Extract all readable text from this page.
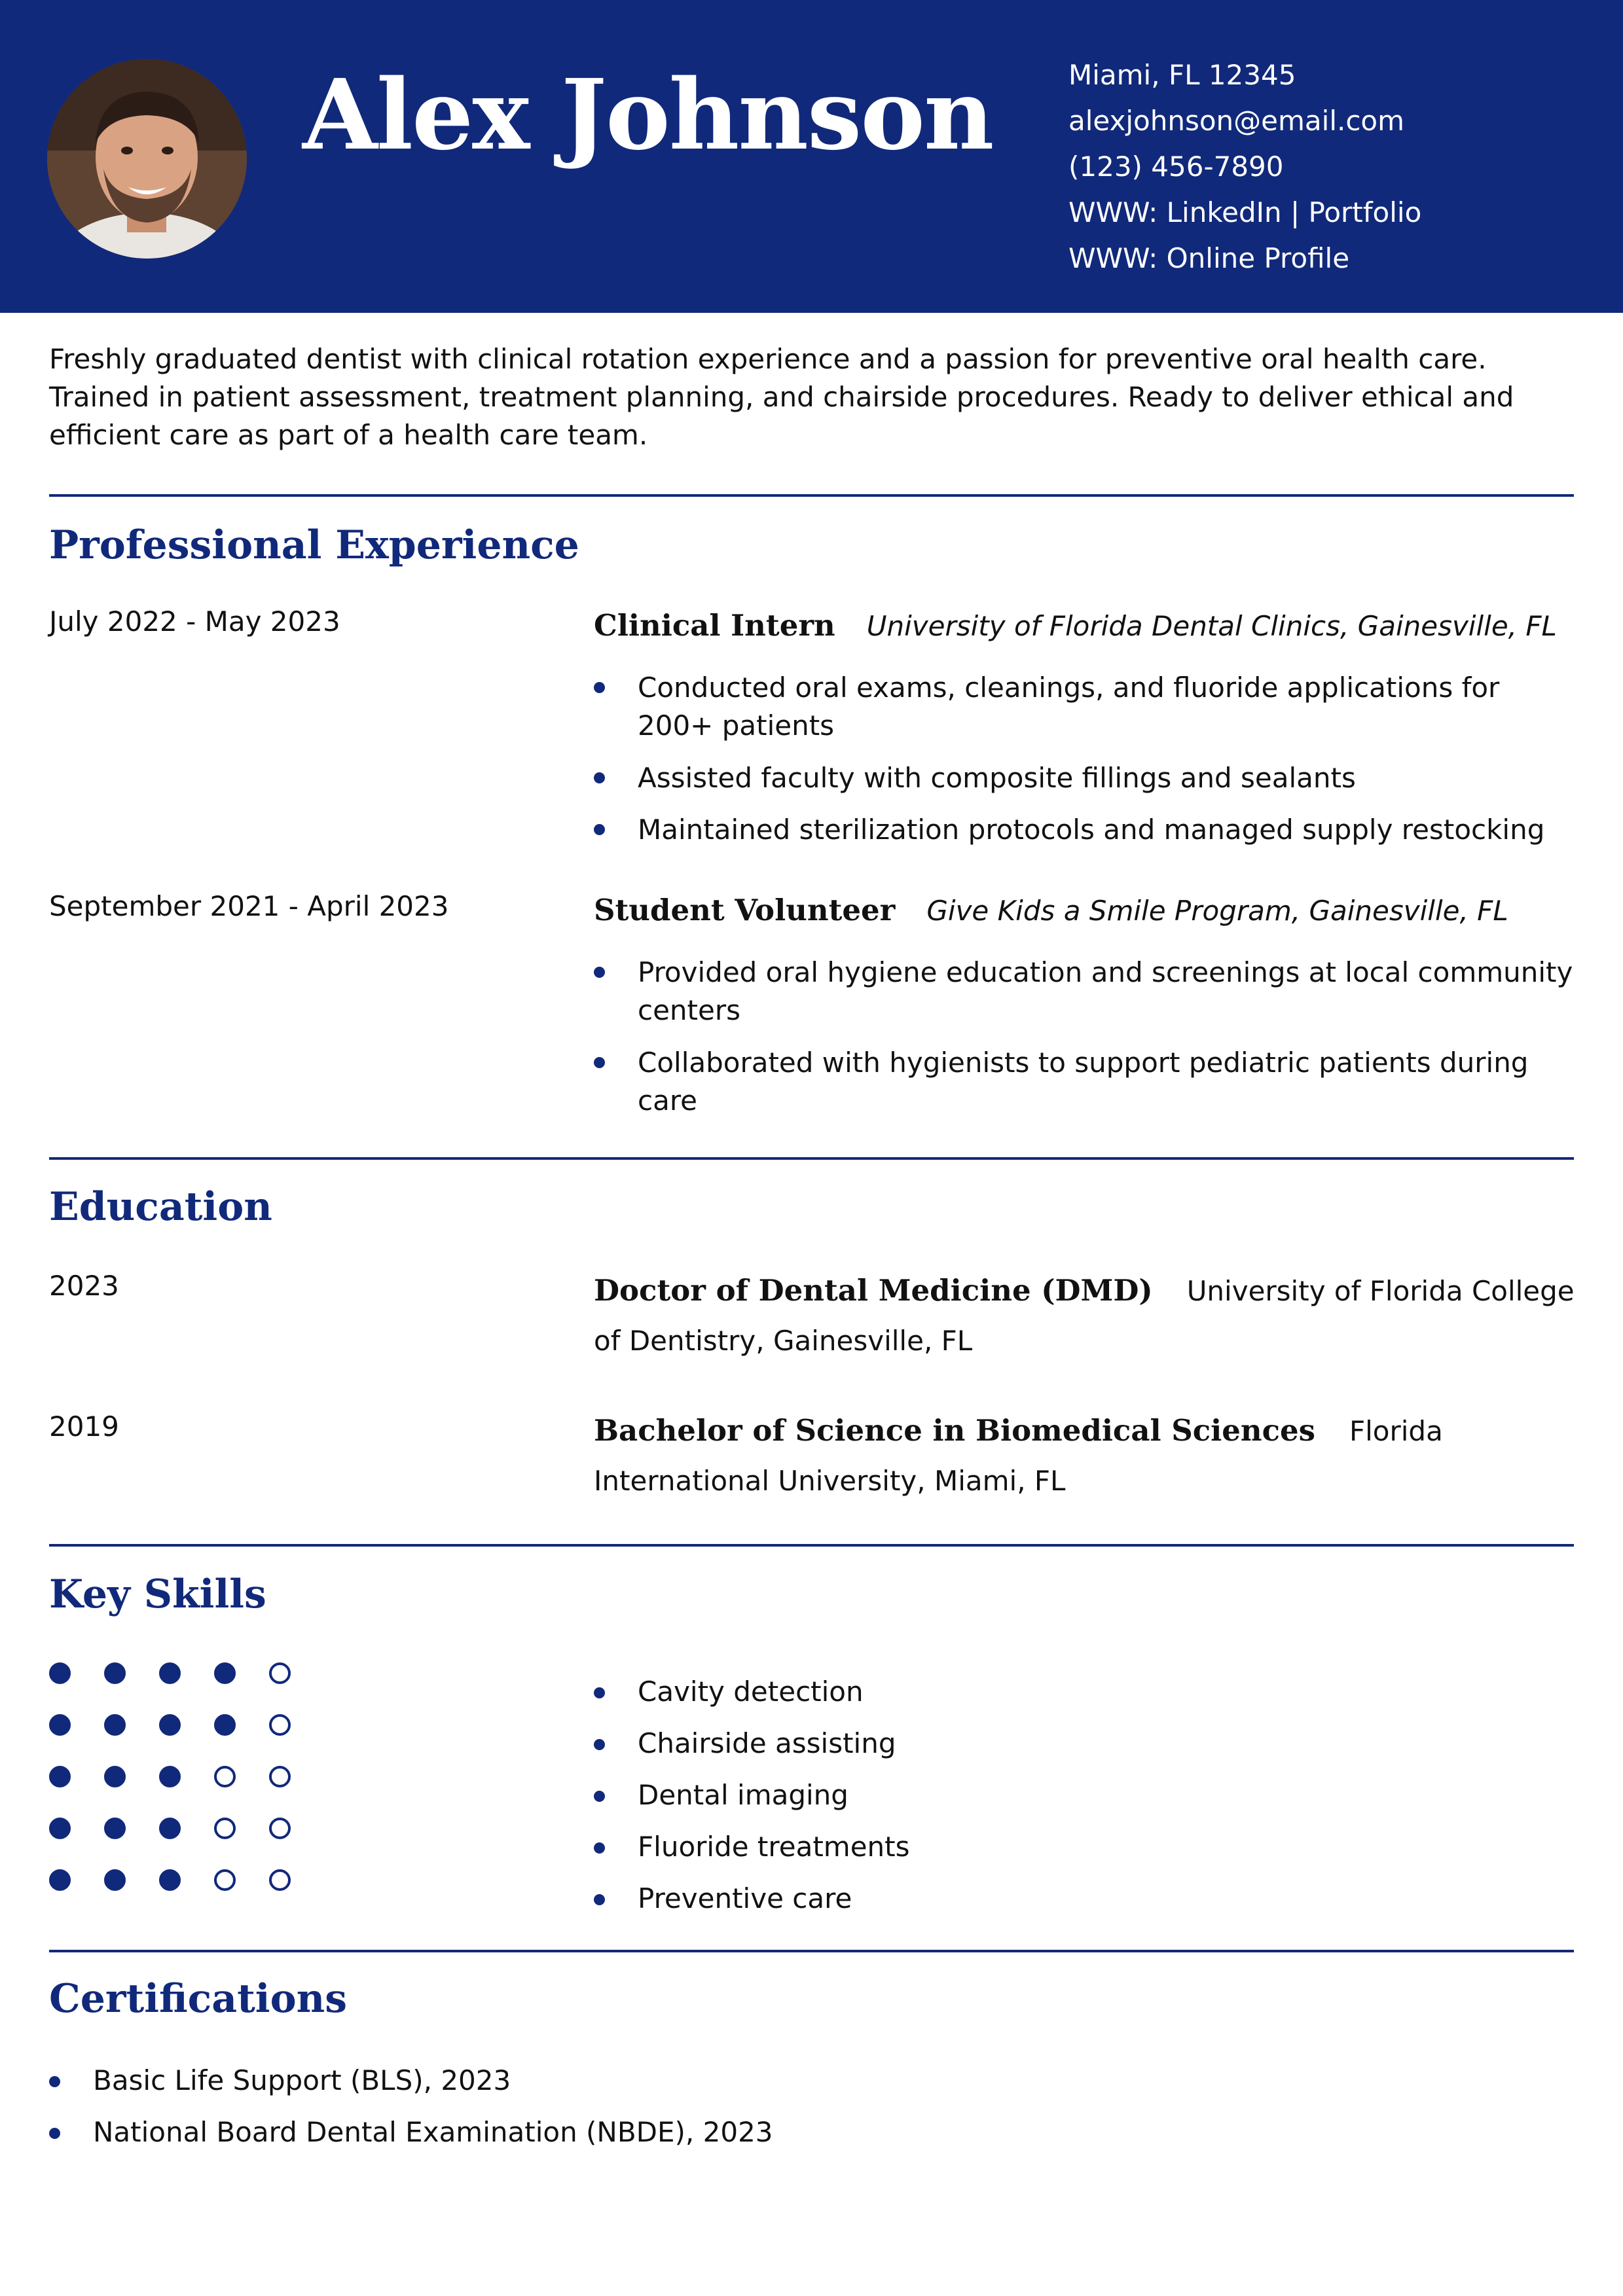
Alex Johnson	Miami, FL 12345
alexjohnson@email.com
(123) 456-7890
WWW: LinkedIn | Portfolio
WWW: Online Profile

Freshly graduated dentist with clinical rotation experience and a passion for preventive oral health care. Trained in patient assessment, treatment planning, and chairside procedures. Ready to deliver ethical and efficient care as part of a health care team.

Professional Experience
July 2022 - May 2023	Clinical Intern University of Florida Dental Clinics, Gainesville, FL
Conducted oral exams, cleanings, and fluoride applications for 200+ patients
Assisted faculty with composite fillings and sealants
Maintained sterilization protocols and managed supply restocking
September 2021 - April 2023	Student Volunteer Give Kids a Smile Program, Gainesville, FL
Provided oral hygiene education and screenings at local community centers
Collaborated with hygienists to support pediatric patients during care
Education
2023	Doctor of Dental Medicine (DMD) University of Florida College of Dentistry, Gainesville, FL

2019	Bachelor of Science in Biomedical Sciences Florida International University, Miami, FL

Key Skills
Cavity detection
Chairside assisting
Dental imaging
Fluoride treatments
Preventive care
Certifications
Basic Life Support (BLS), 2023
National Board Dental Examination (NBDE), 2023
